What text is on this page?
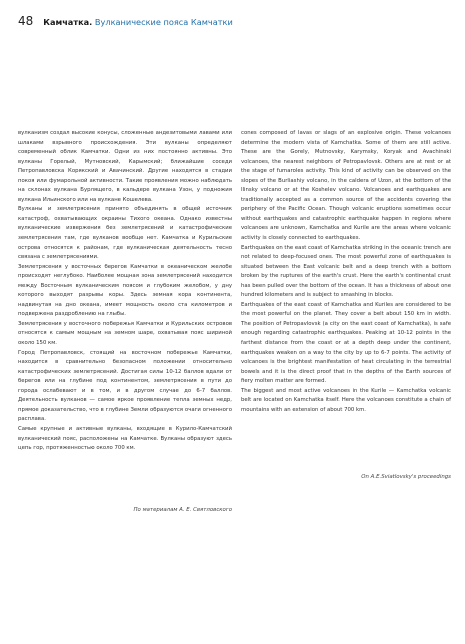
48 Камчатка. Вулканические пояса Камчатки

вулканизм создал высокие конусы, сложенные андезитовыми лавами или шлаками взрывного происхождения. Эти вулканы определяют современный облик Камчатки. Одни из них постоянно активны. Это вулканы Горелый, Мутновский, Карымский; ближайшие соседи Петропавловска Корякский и Авачинский. Другие находятся в стадии покоя или фумарольной активности. Такие проявления можно наблюдать на склонах вулкана Бурлящего, в кальдере вулкана Узон, у подножия вулкана Ильинского или на вулкане Кошелева.

Вулканы и землетрясения принято объединять в общей источник катастроф, охватывающих окраины Тихого океана. Однако известны вулканические извержения без землетрясений и катастрофические землетрясения там, где вулканов вообще нет. Камчатка и Курильские острова относятся к районам, где вулканическая деятельность тесно связана с землетрясениями.

Землетрясения у восточных берегов Камчатки в океаническом желобе происходят неглубоко. Наиболее мощная зона землетрясений находится между Восточным вулканическим поясом и глубоким желобом, у дну которого выходят разрывы коры. Здесь земная кора континента, надвинутая на дно океана, имеет мощность около ста километров и подвержена раздроблению на глыбы.

Землетрясения у восточного побережья Камчатки и Курильских островов относятся к самым мощным на земном шаре, охватывая пояс шириной около 150 км.

Город Петропавловск, стоящий на восточном побережье Камчатки, находится в сравнительно безопасном положении относительно катастрофических землетрясений. Достигая силы 10-12 баллов вдали от берегов или на глубине под континентом, землетрясения в пути до города ослабевают и в том, и в другом случае до 6-7 баллов. Деятельность вулканов — самое яркое проявление тепла земных недр, прямое доказательство, что в глубине Земли образуются очаги огненного расплава.

Самые крупные и активные вулканы, входящие в Курило-Камчатский вулканический пояс, расположены на Камчатке. Вулканы образуют здесь цепь гор, протяженностью около 700 км.

По материалам А. Е. Святловского

cones composed of lavas or slags of an explosive origin. These volcanoes determine the modern vista of Kamchatka. Some of them are still active. These are the Gorely, Mutnovsky, Karymsky, Koryak and Avachinski volcanoes, the nearest neighbors of Petropavlovsk. Others are at rest or at the stage of fumaroles activity. This kind of activity can be observed on the slopes of the Burliashiy volcano, in the caldera of Uzon, at the bottom of the Ilinsky volcano or at the Koshelev volcano. Volcanoes and earthquakes are traditionally accepted as a common source of the accidents covering the periphery of the Pacific Ocean. Though volcanic eruptions sometimes occur without earthquakes and catastrophic earthquake happen in regions where volcanoes are unknown, Kamchatka and Kurile are the areas where volcanic activity is closely connected to earthquakes.

Earthquakes on the east coast of Kamchatka striking in the oceanic trench are not related to deep-focused ones. The most powerful zone of earthquakes is situated between the East volcanic belt and a deep trench with a bottom broken by the ruptures of the earth's crust. Here the earth's continental crust has been pulled over the bottom of the ocean. It has a thickness of about one hundred kilometers and is subject to smashing in blocks.

Earthquakes of the east coast of Kamchatka and Kuriles are considered to be the most powerful on the planet. They cover a belt about 150 km in width. The position of Petropavlovsk (a city on the east coast of Kamchatka), is safe enough regarding catastrophic earthquakes. Peaking at 10-12 points in the farthest distance from the coast or at a depth deep under the continent, earthquakes weaken on a way to the city by up to 6-7 points. The activity of volcanoes is the brightest manifestation of heat circulating in the terrestrial bowels and it is the direct proof that in the depths of the Earth sources of fiery molten matter are formed.

The biggest and most active volcanoes in the Kurile — Kamchatka volcanic belt are located on Kamchatka itself. Here the volcanoes constitute a chain of mountains with an extension of about 700 km.

On A.E.Sviatlovsky's proceedings
